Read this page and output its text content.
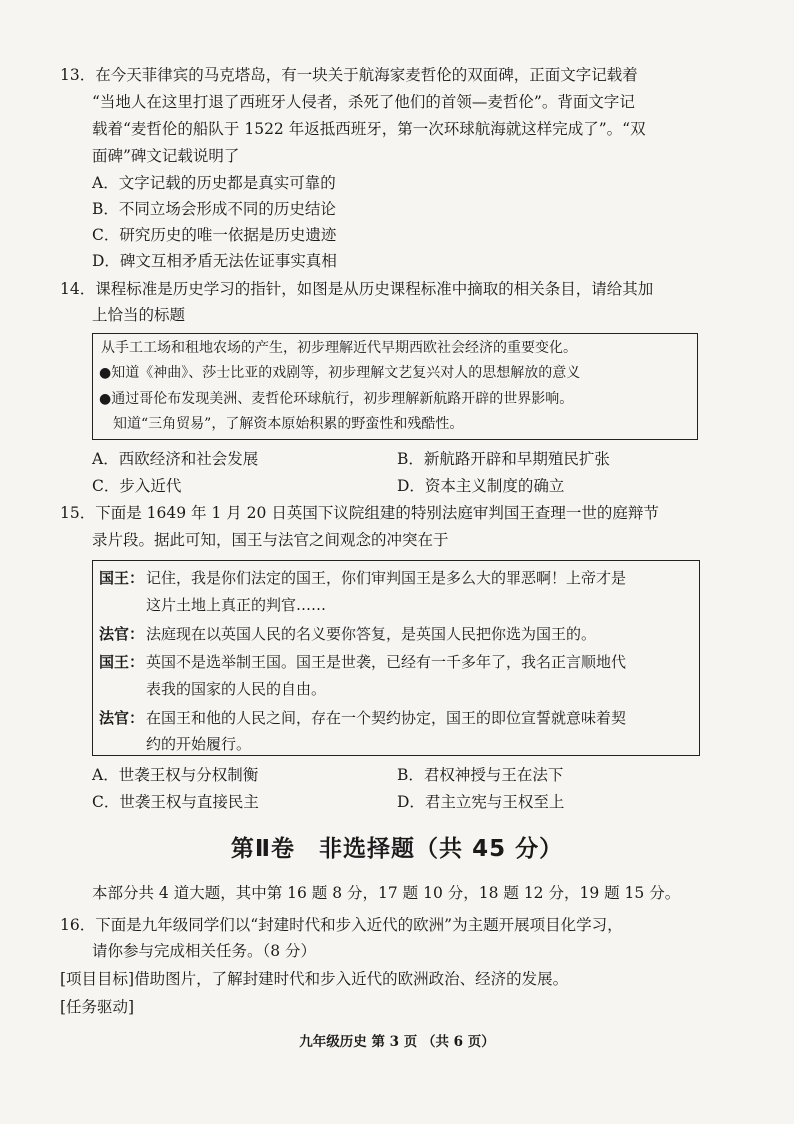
13．在今天菲律宾的马克塔岛，有一块关于航海家麦哲伦的双面碑，正面文字记载着
“当地人在这里打退了西班牙人侵者，杀死了他们的首领—麦哲伦”。背面文字记
载着“麦哲伦的船队于 1522 年返抵西班牙，第一次环球航海就这样完成了”。“双
面碑”碑文记载说明了
A．文字记载的历史都是真实可靠的
B．不同立场会形成不同的历史结论
C．研究历史的唯一依据是历史遗迹
D．碑文互相矛盾无法佐证事实真相
14．课程标准是历史学习的指针，如图是从历史课程标准中摘取的相关条目，请给其加
上恰当的标题
从手工工场和租地农场的产生，初步理解近代早期西欧社会经济的重要变化。
●知道《神曲》、莎士比亚的戏剧等，初步理解文艺复兴对人的思想解放的意义
●通过哥伦布发现美洲、麦哲伦环球航行，初步理解新航路开辟的世界影响。
知道“三角贸易”，了解资本原始积累的野蛮性和残酷性。
A．西欧经济和社会发展	B．新航路开辟和早期殖民扩张
C．步入近代	D．资本主义制度的确立
15．下面是 1649 年 1 月 20 日英国下议院组建的特别法庭审判国王查理一世的庭辩节
录片段。据此可知，国王与法官之间观念的冲突在于
国王： 记住，我是你们法定的国王，你们审判国王是多么大的罪恶啊！上帝才是
这片土地上真正的判官……
法官： 法庭现在以英国人民的名义要你答复，是英国人民把你选为国王的。
国王： 英国不是选举制王国。国王是世袭，已经有一千多年了，我名正言顺地代
表我的国家的人民的自由。
法官： 在国王和他的人民之间，存在一个契约协定，国王的即位宣誓就意味着契
约的开始履行。
A．世袭王权与分权制衡	B．君权神授与王在法下
C．世袭王权与直接民主	D．君主立宪与王权至上
第Ⅱ卷　非选择题（共 45 分）
本部分共 4 道大题，其中第 16 题 8 分，17 题 10 分，18 题 12 分，19 题 15 分。
16．下面是九年级同学们以“封建时代和步入近代的欧洲”为主题开展项目化学习，
请你参与完成相关任务。（8 分）
[项目目标]借助图片，了解封建时代和步入近代的欧洲政治、经济的发展。
[任务驱动]
九年级历史 第 3 页 （共 6 页）
